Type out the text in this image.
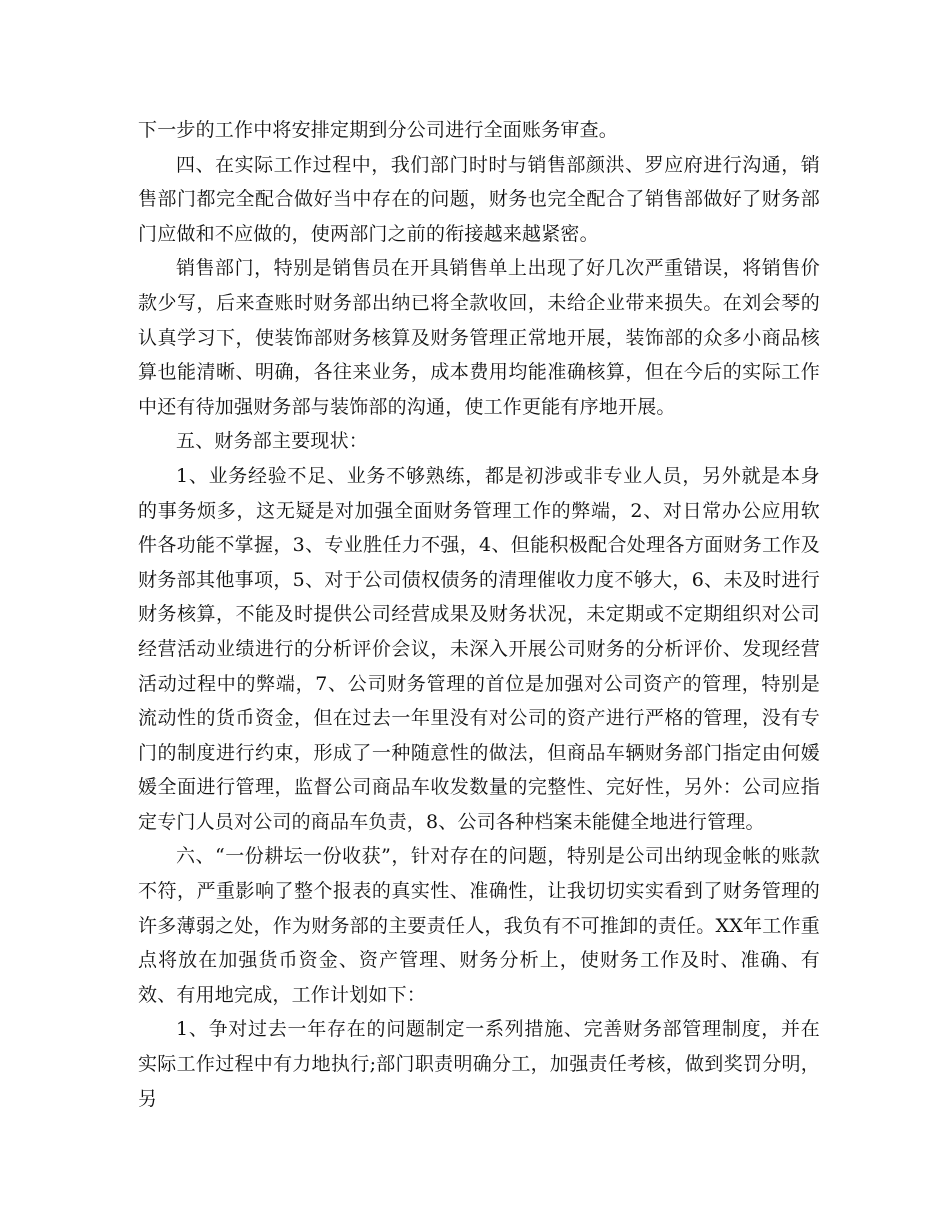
下一步的工作中将安排定期到分公司进行全面账务审查。

四、在实际工作过程中，我们部门时时与销售部颜洪、罗应府进行沟通，销售部门都完全配合做好当中存在的问题，财务也完全配合了销售部做好了财务部门应做和不应做的，使两部门之前的衔接越来越紧密。

销售部门，特别是销售员在开具销售单上出现了好几次严重错误，将销售价款少写，后来查账时财务部出纳已将全款收回，未给企业带来损失。在刘会琴的认真学习下，使装饰部财务核算及财务管理正常地开展，装饰部的众多小商品核算也能清晰、明确，各往来业务，成本费用均能准确核算，但在今后的实际工作中还有待加强财务部与装饰部的沟通，使工作更能有序地开展。

五、财务部主要现状：

1、业务经验不足、业务不够熟练，都是初涉或非专业人员，另外就是本身的事务烦多，这无疑是对加强全面财务管理工作的弊端，2、对日常办公应用软件各功能不掌握，3、专业胜任力不强，4、但能积极配合处理各方面财务工作及财务部其他事项，5、对于公司债权债务的清理催收力度不够大，6、未及时进行财务核算，不能及时提供公司经营成果及财务状况，未定期或不定期组织对公司经营活动业绩进行的分析评价会议，未深入开展公司财务的分析评价、发现经营活动过程中的弊端，7、公司财务管理的首位是加强对公司资产的管理，特别是流动性的货币资金，但在过去一年里没有对公司的资产进行严格的管理，没有专门的制度进行约束，形成了一种随意性的做法，但商品车辆财务部门指定由何媛媛全面进行管理，监督公司商品车收发数量的完整性、完好性，另外：公司应指定专门人员对公司的商品车负责，8、公司各种档案未能健全地进行管理。

六、“一份耕坛一份收获”，针对存在的问题，特别是公司出纳现金帐的账款不符，严重影响了整个报表的真实性、准确性，让我切切实实看到了财务管理的许多薄弱之处，作为财务部的主要责任人，我负有不可推卸的责任。XX年工作重点将放在加强货币资金、资产管理、财务分析上，使财务工作及时、准确、有效、有用地完成，工作计划如下：

1、争对过去一年存在的问题制定一系列措施、完善财务部管理制度，并在实际工作过程中有力地执行;部门职责明确分工，加强责任考核，做到奖罚分明，另
